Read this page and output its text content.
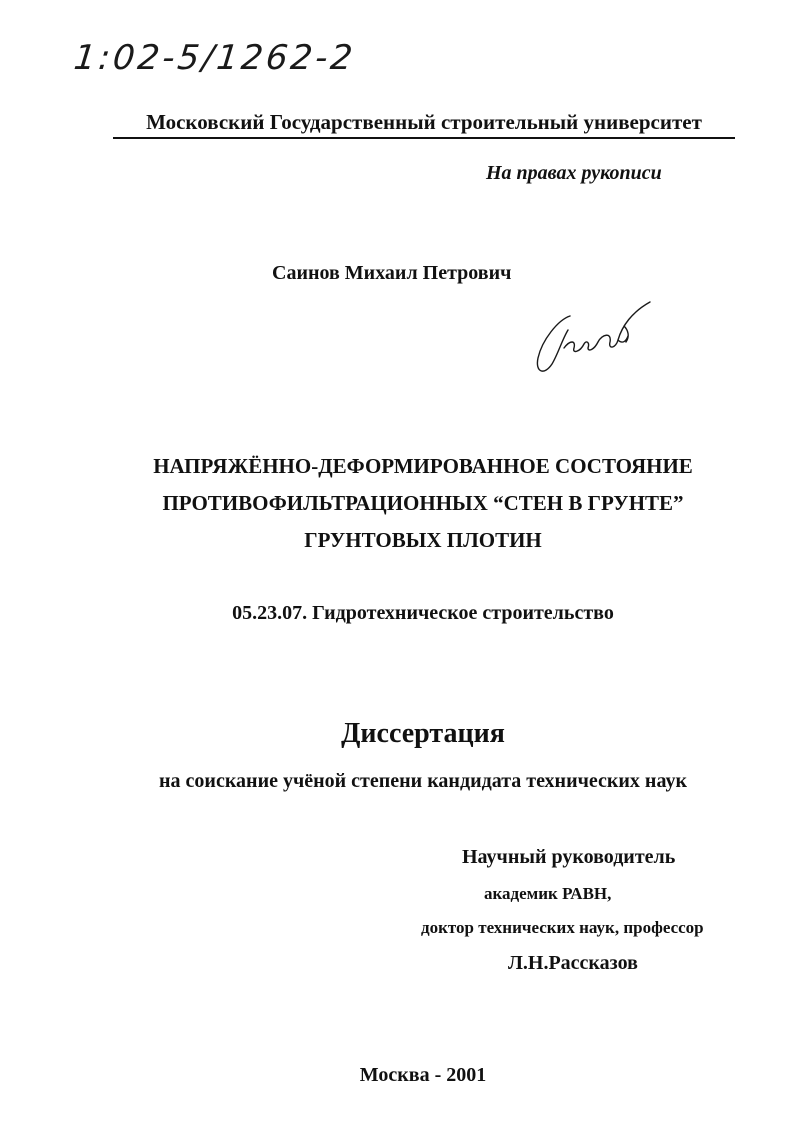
1:02-5/1262-2
Московский Государственный строительный университет
На правах рукописи
Саинов Михаил Петрович
НАПРЯЖЁННО-ДЕФОРМИРОВАННОЕ СОСТОЯНИЕ
ПРОТИВОФИЛЬТРАЦИОННЫХ “СТЕН В ГРУНТЕ”
ГРУНТОВЫХ ПЛОТИН
05.23.07. Гидротехническое строительство
Диссертация
на соискание учёной степени кандидата технических наук
Научный руководитель
академик РАВН,
доктор технических наук, профессор
Л.Н.Рассказов
Москва - 2001
